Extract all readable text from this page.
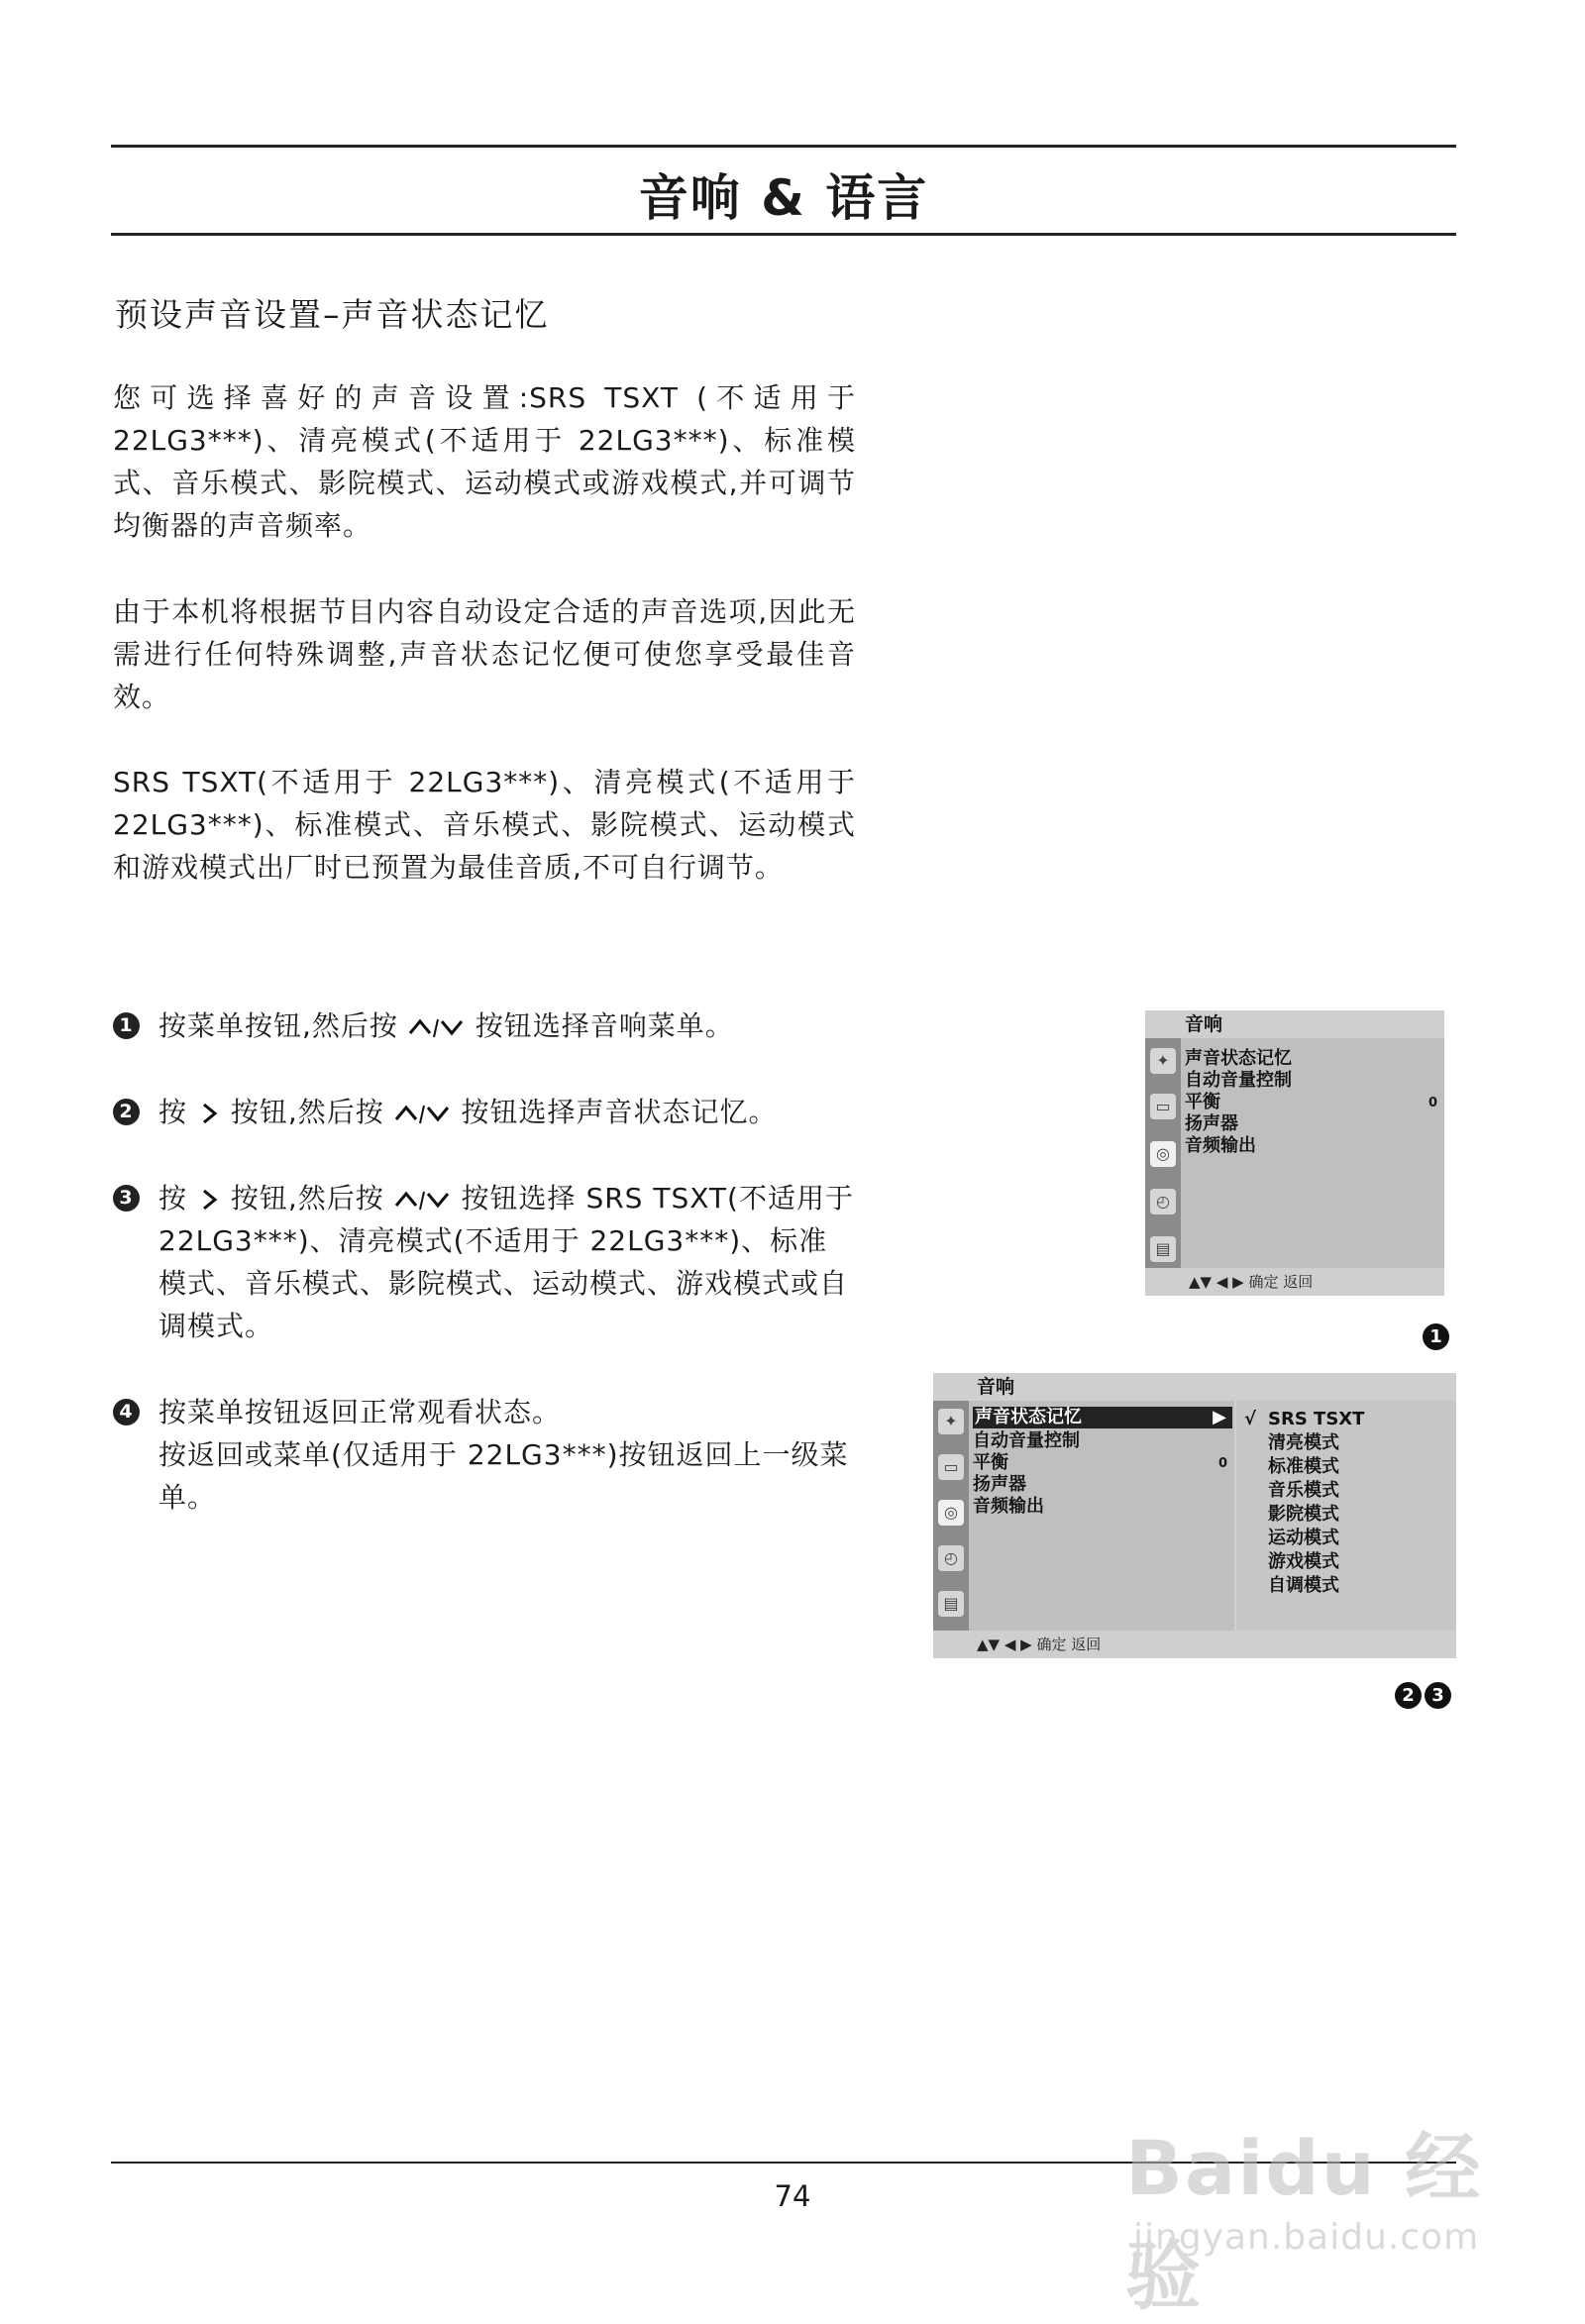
音响 & 语言
预设声音设置–声音状态记忆
您可选择喜好的声音设置:SRS TSXT (不适用于22LG3***)、清亮模式(不适用于 22LG3***)、标准模式、音乐模式、影院模式、运动模式或游戏模式,并可调节均衡器的声音频率。
由于本机将根据节目内容自动设定合适的声音选项,因此无需进行任何特殊调整,声音状态记忆便可使您享受最佳音效。
SRS TSXT(不适用于 22LG3***)、清亮模式(不适用于22LG3***)、标准模式、音乐模式、影院模式、运动模式和游戏模式出厂时已预置为最佳音质,不可自行调节。
1 按菜单按钮,然后按	按钮选择音响菜单。
2 按 按钮,然后按	按钮选择声音状态记忆。
3 按 按钮,然后按	按钮选择 SRS TSXT(不适用于 22LG3***)、清亮模式(不适用于 22LG3***)、标准模式、音乐模式、影院模式、运动模式、游戏模式或自调模式。
4 按菜单按钮返回正常观看状态。
按返回或菜单(仅适用于 22LG3***)按钮返回上一级菜单。
音响
✦
▭
◎
◴
▤
声音状态记忆
自动音量控制
平衡
扬声器
音频输出
0
▲▼ ◀ ▶ 确定 返回
1
音响
✦
▭
◎
◴
▤
声音状态记忆	▶
自动音量控制
平衡
扬声器
音频输出
0
√ SRS TSXT
清亮模式
标准模式
音乐模式
影院模式
运动模式
游戏模式
自调模式
▲▼ ◀ ▶ 确定 返回
2 3
74	Baidu 经验
jingyan.baidu.com
